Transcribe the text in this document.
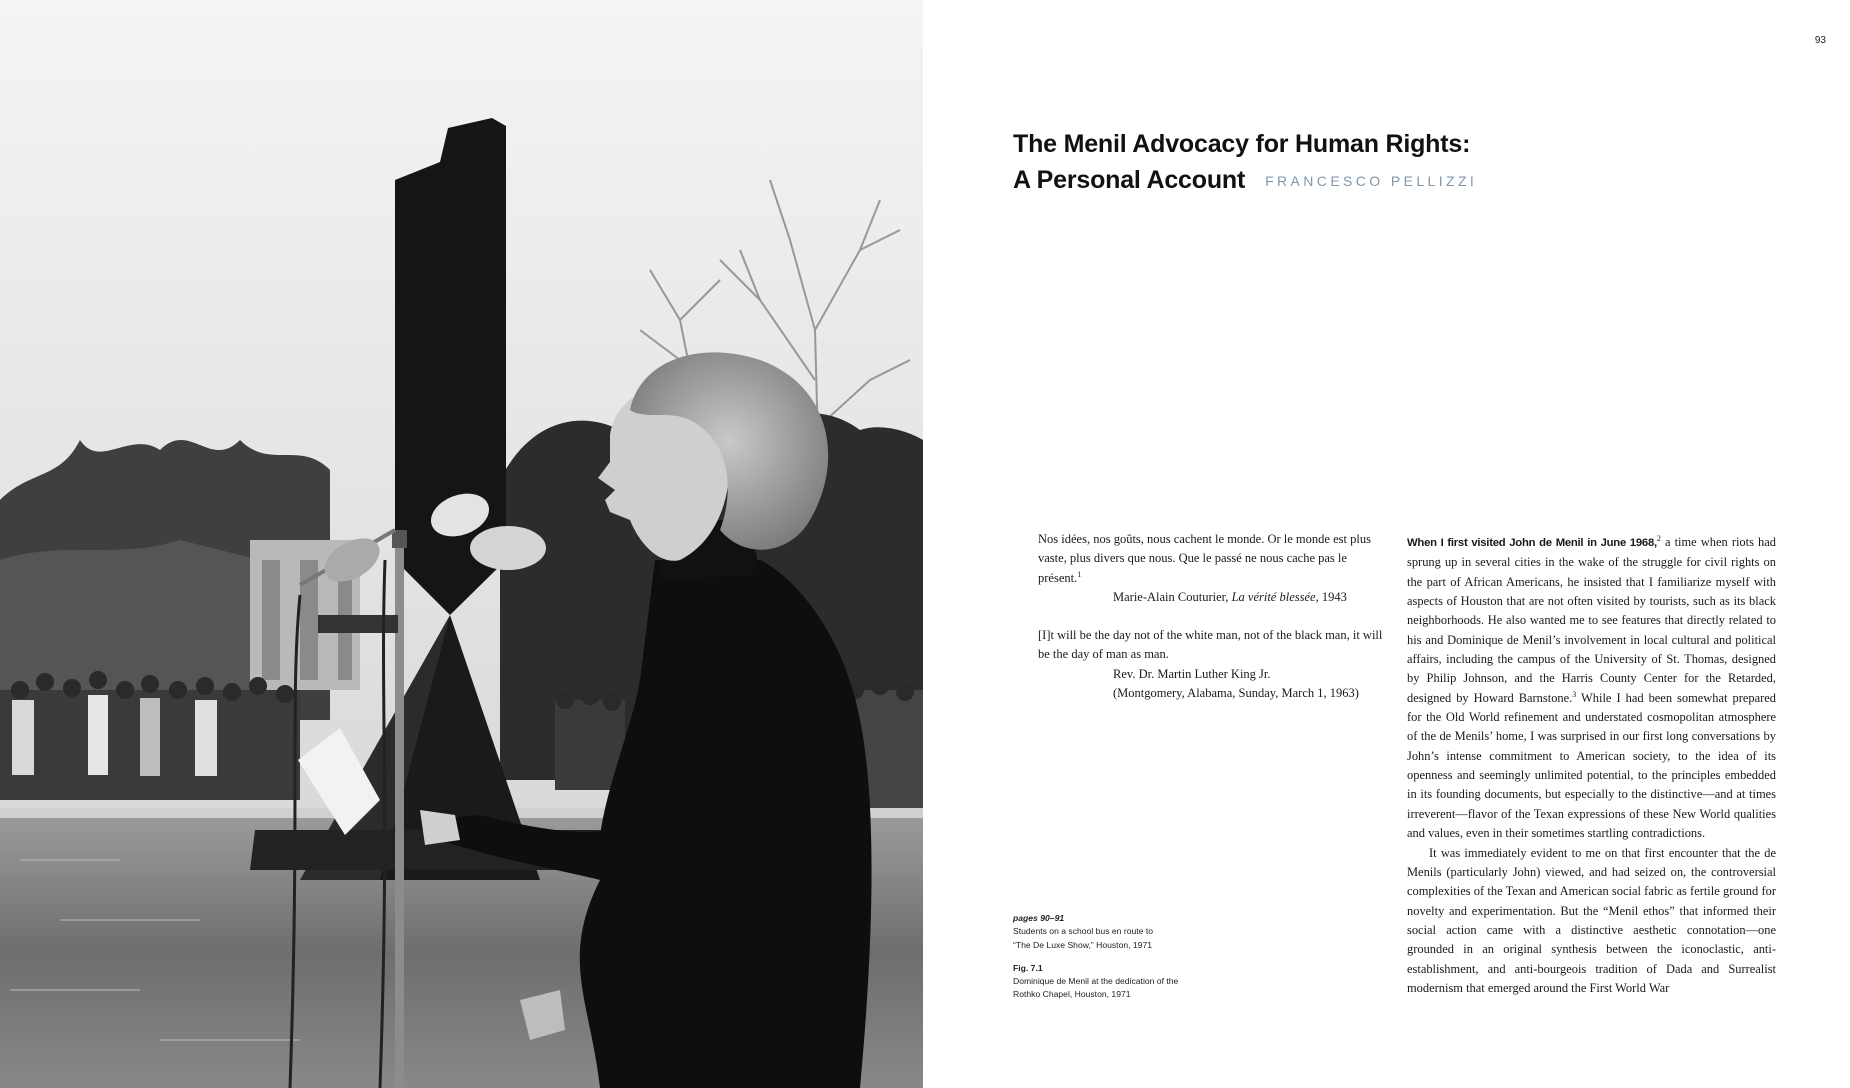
93
The Menil Advocacy for Human Rights:
A Personal Account FRANCESCO PELLIZZI

Nos idées, nos goûts, nous cachent le monde. Or le monde est plus vaste, plus divers que nous. Que le passé ne nous cache pas le présent.$^1$

Marie-Alain Couturier, La vérité blessée, 1943

[I]t will be the day not of the white man, not of the black man, it will be the day of man as man.

Rev. Dr. Martin Luther King Jr.

(Montgomery, Alabama, Sunday, March 1, 1963)

When I first visited John de Menil in June 1968,$^2$ a time when riots had sprung up in several cities in the wake of the struggle for civil rights on the part of African Americans, he insisted that I familiarize myself with aspects of Houston that are not often visited by tourists, such as its black neighborhoods. He also wanted me to see features that directly related to his and Dominique de Menil’s involvement in local cultural and political affairs, including the campus of the University of St. Thomas, designed by Philip Johnson, and the Harris County Center for the Retarded, designed by Howard Barnstone.$^3$ While I had been somewhat prepared for the Old World refinement and understated cosmopolitan atmosphere of the de Menils’ home, I was surprised in our first long conversations by John’s intense commitment to American society, to the idea of its openness and seemingly unlimited potential, to the principles embedded in its founding documents, but especially to the distinctive—and at times irreverent—flavor of the Texan expressions of these New World qualities and values, even in their sometimes startling contradictions.

It was immediately evident to me on that first encounter that the de Menils (particularly John) viewed, and had seized on, the controversial complexities of the Texan and American social fabric as fertile ground for novelty and experimentation. But the “Menil ethos” that informed their social action came with a distinctive aesthetic connotation—one grounded in an original synthesis between the iconoclastic, anti-establishment, and anti-bourgeois tradition of Dada and Surrealist modernism that emerged around the First World War

pages 90–91
Students on a school bus en route to
“The De Luxe Show,” Houston, 1971
Fig. 7.1
Dominique de Menil at the dedication of the
Rothko Chapel, Houston, 1971
